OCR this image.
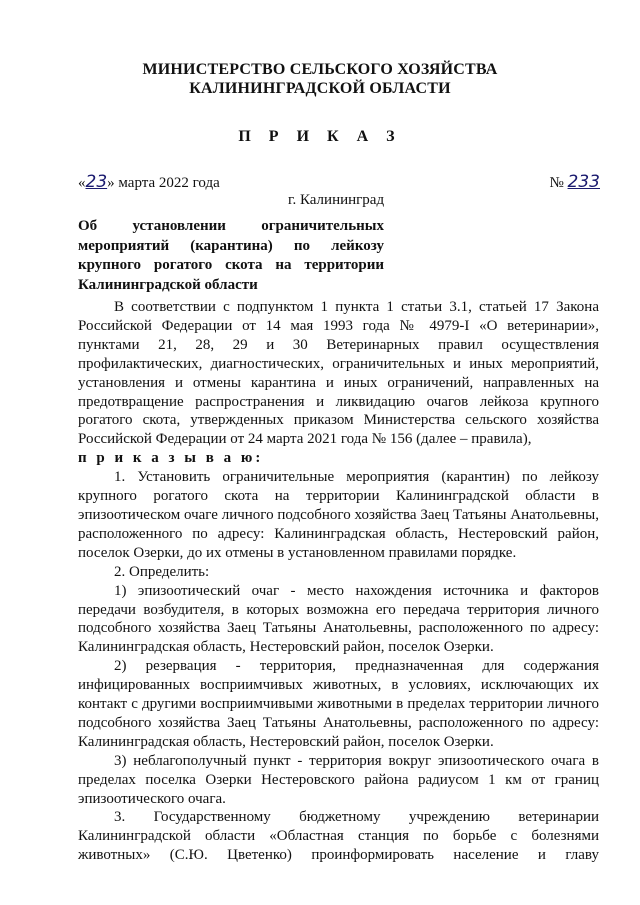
МИНИСТЕРСТВО СЕЛЬСКОГО ХОЗЯЙСТВА
КАЛИНИНГРАДСКОЙ ОБЛАСТИ
П Р И К А З
«23» марта 2022 года	№ 233
г. Калининград
Об установлении ограничительных мероприятий (карантина) по лейкозу крупного рогатого скота на территории Калининградской области

В соответствии с подпунктом 1 пункта 1 статьи 3.1, статьей 17 Закона Российской Федерации от 14 мая 1993 года № 4979-I «О ветеринарии», пунктами 21, 28, 29 и 30 Ветеринарных правил осуществления профилактических, диагностических, ограничительных и иных мероприятий, установления и отмены карантина и иных ограничений, направленных на предотвращение распространения и ликвидацию очагов лейкоза крупного рогатого скота, утвержденных приказом Министерства сельского хозяйства Российской Федерации от 24 марта 2021 года № 156 (далее – правила),

п р и к а з ы в а ю:

1. Установить ограничительные мероприятия (карантин) по лейкозу крупного рогатого скота на территории Калининградской области в эпизоотическом очаге личного подсобного хозяйства Заец Татьяны Анатольевны, расположенного по адресу: Калининградская область, Нестеровский район, поселок Озерки, до их отмены в установленном правилами порядке.

2. Определить:

1) эпизоотический очаг - место нахождения источника и факторов передачи возбудителя, в которых возможна его передача территория личного подсобного хозяйства Заец Татьяны Анатольевны, расположенного по адресу: Калининградская область, Нестеровский район, поселок Озерки.

2) резервация - территория, предназначенная для содержания инфицированных восприимчивых животных, в условиях, исключающих их контакт с другими восприимчивыми животными в пределах территории личного подсобного хозяйства Заец Татьяны Анатольевны, расположенного по адресу: Калининградская область, Нестеровский район, поселок Озерки.

3) неблагополучный пункт - территория вокруг эпизоотического очага в пределах поселка Озерки Нестеровского района радиусом 1 км от границ эпизоотического очага.

3. Государственному бюджетному учреждению ветеринарии Калининградской области «Областная станция по борьбе с болезнями животных» (С.Ю. Цветенко) проинформировать население и главу
